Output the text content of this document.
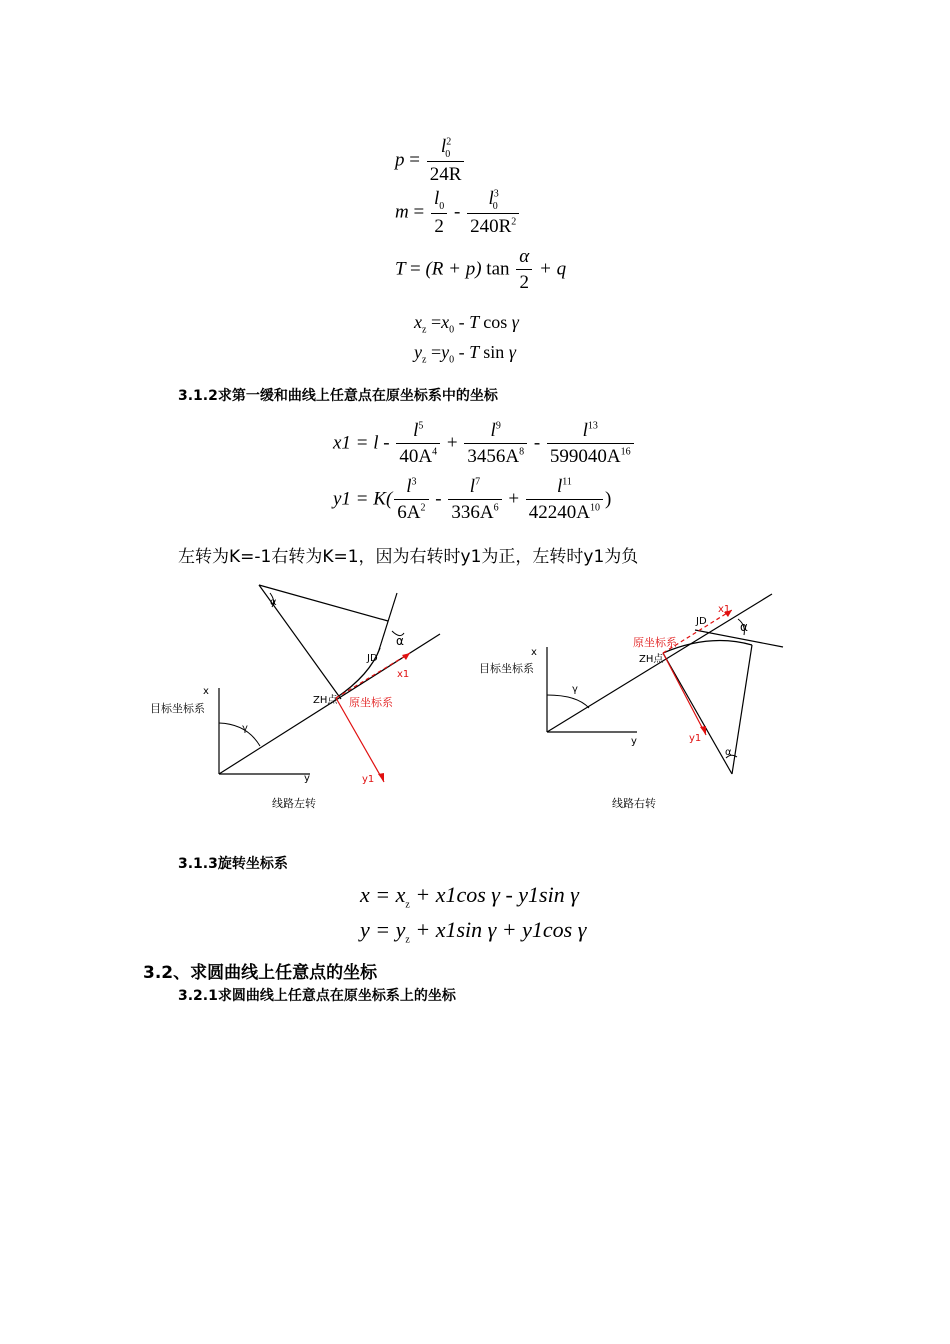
$p = \frac{l^2_0}{24R}$
$m = \frac{l_0}{2} - \frac{l^3_0}{240R^2}$
T = (R + p) $\tan \frac{\alpha}{2} + q$
$x_z =x_0 - T$ cos γ
$y_z =y_0 - T$ sin γ
3.1.2求第一缓和曲线上任意点在原坐标系中的坐标
$x1 = l - \frac{l^5}{40A^4} + \frac{l^9}{3456A^8} - \frac{l^{13}}{599040A^{16}}$
$y1 = K( \frac{l^3}{6A^2} - \frac{l^7}{336A^6} + \frac{l^{11}}{42240A^{10}}$ )
左转为K=-1右转为K=1，因为右转时y1为正，左转时y1为负
x
y
γ
目标坐标系
α
α
JD
ZH点 原坐标系
x1
y1
线路左转
x
y
γ
目标坐标系
α
α
JD
ZH点
原坐标系
x1
y1
线路右转
3.1.3旋转坐标系
$x = x_z + x1\cos$ γ - y1sin γ
$y = y_z + x1\sin$ γ + y1cos γ
3.2、求圆曲线上任意点的坐标
3.2.1求圆曲线上任意点在原坐标系上的坐标
